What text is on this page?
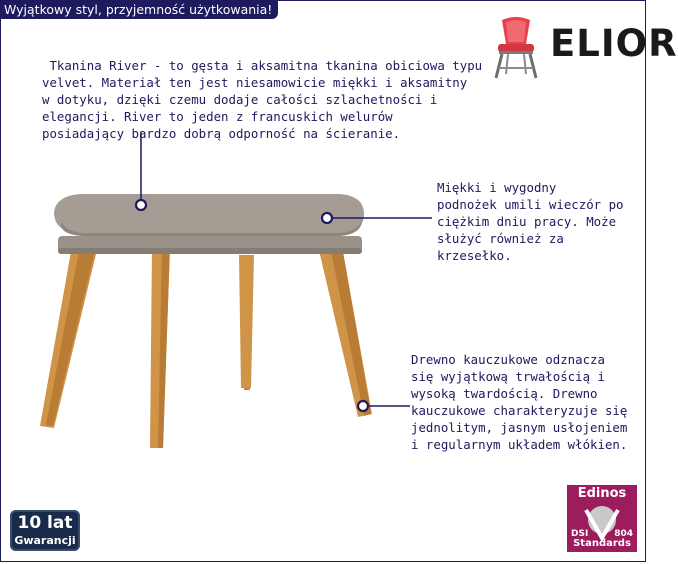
Wyjątkowy styl, przyjemność użytkowania!
ELIOR
Tkanina River - to gęsta i aksamitna tkanina obiciowa typu
velvet. Materiał ten jest niesamowicie miękki i aksamitny
w dotyku, dzięki czemu dodaje całości szlachetności i
elegancji. River to jeden z francuskich welurów
posiadający bardzo dobrą odporność na ścieranie.
Miękki i wygodny
podnożek umili wieczór po
ciężkim dniu pracy. Może
służyć również za
krzesełko.
Drewno kauczukowe odznacza
się wyjątkową trwałością i
wysoką twardością. Drewno
kauczukowe charakteryzuje się
jednolitym, jasnym usłojeniem
i regularnym układem włókien.
10 lat
Gwarancji
Edinos
DSI	804
Standards
